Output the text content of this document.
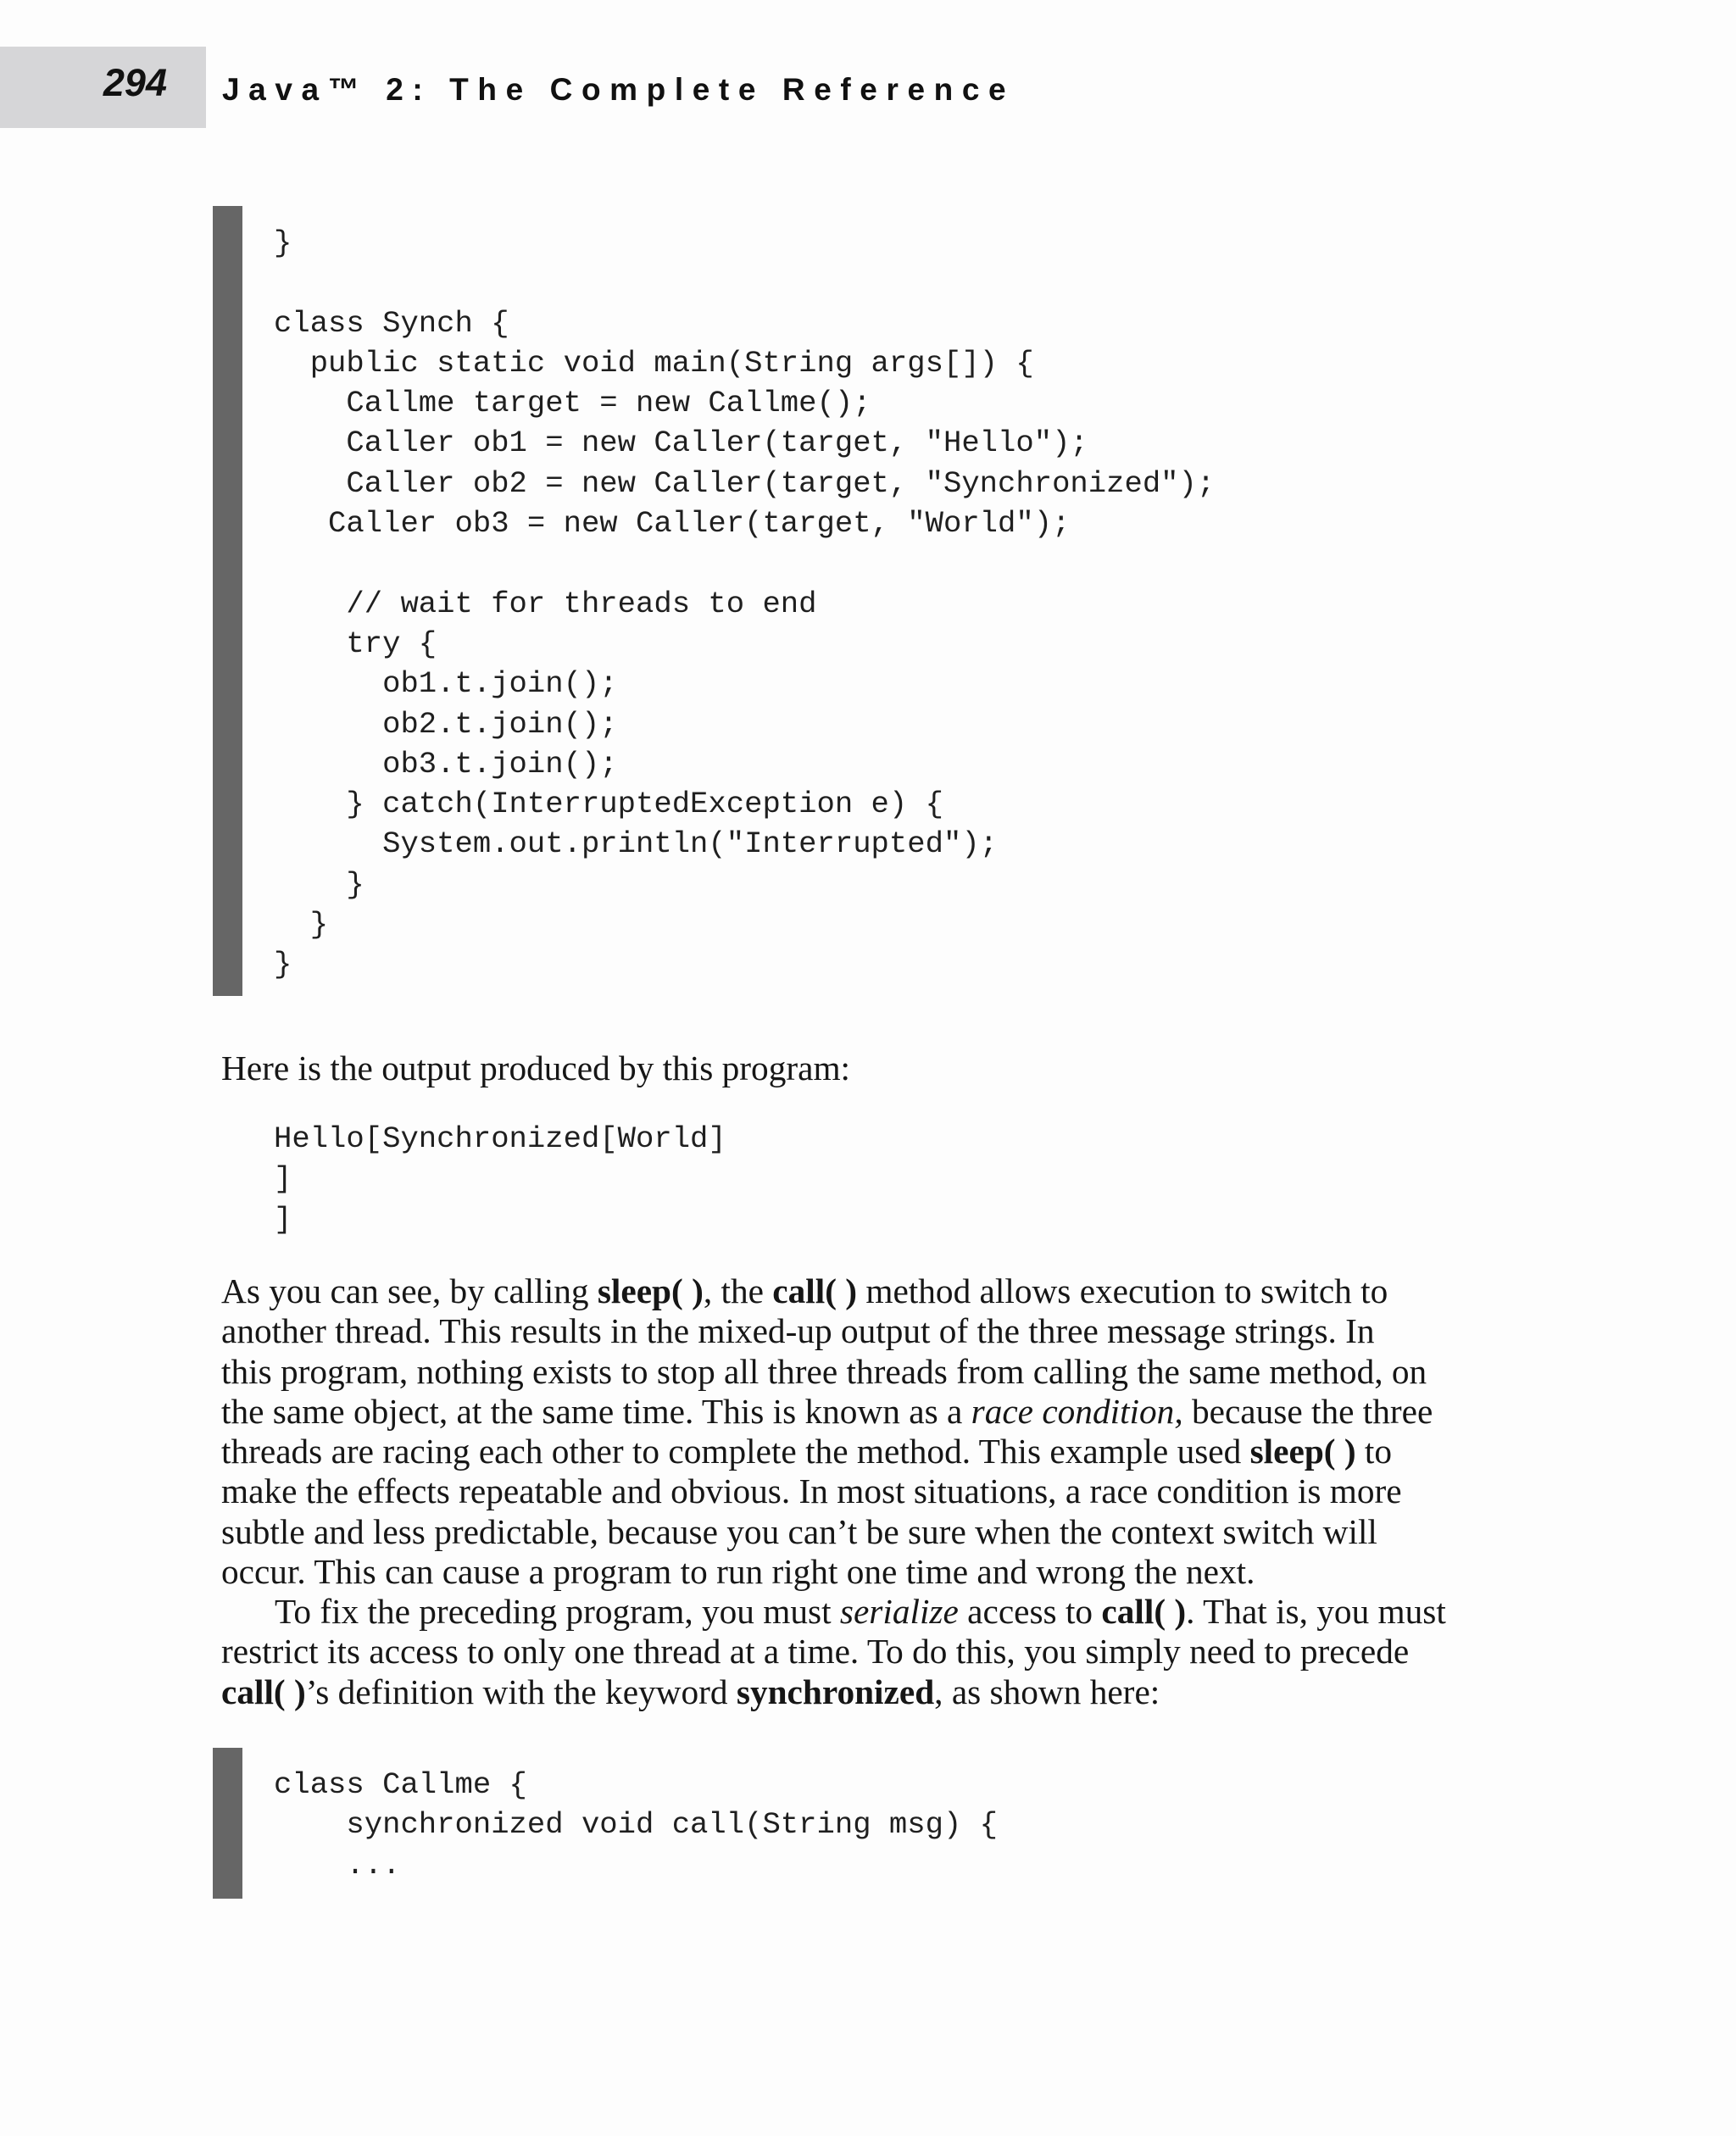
294 Java™ 2: The Complete Reference
}
class Synch {
public static void main(String args[]) {
Callme target = new Callme();
Caller ob1 = new Caller(target, "Hello");
Caller ob2 = new Caller(target, "Synchronized");
Caller ob3 = new Caller(target, "World");
// wait for threads to end
try {
ob1.t.join();
ob2.t.join();
ob3.t.join();
} catch(InterruptedException e) {
System.out.println("Interrupted");
}
}
}

Here is the output produced by this program:

Hello[Synchronized[World]
]
]

As you can see, by calling sleep( ), the call( ) method allows execution to switch to

another thread. This results in the mixed-up output of the three message strings. In

this program, nothing exists to stop all three threads from calling the same method, on

the same object, at the same time. This is known as a race condition, because the three

threads are racing each other to complete the method. This example used sleep( ) to

make the effects repeatable and obvious. In most situations, a race condition is more

subtle and less predictable, because you can’t be sure when the context switch will

occur. This can cause a program to run right one time and wrong the next.

To fix the preceding program, you must serialize access to call( ). That is, you must

restrict its access to only one thread at a time. To do this, you simply need to precede

call( )’s definition with the keyword synchronized, as shown here:

class Callme {
synchronized void call(String msg) {
...
